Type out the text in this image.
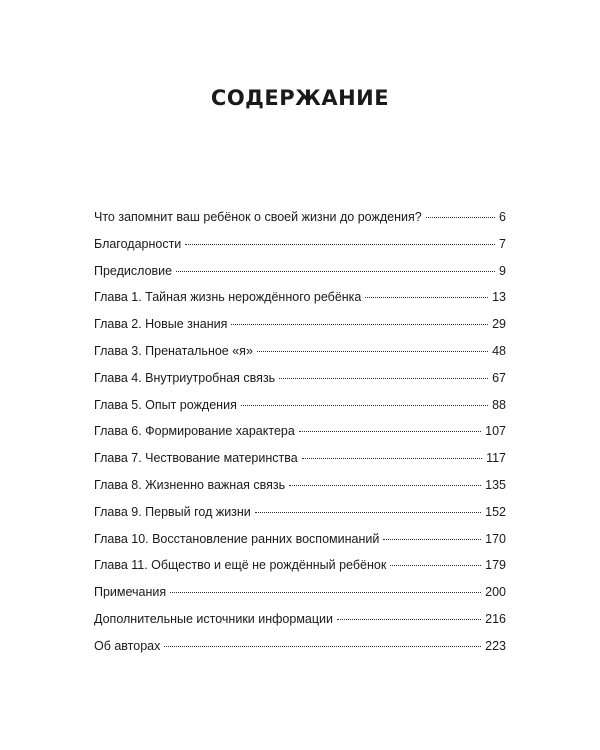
СОДЕРЖАНИЕ
Что запомнит ваш ребёнок о своей жизни до рождения?	6
Благодарности	7
Предисловие	9
Глава 1. Тайная жизнь нерождённого ребёнка	13
Глава 2. Новые знания	29
Глава 3. Пренатальное «я»	48
Глава 4. Внутриутробная связь	67
Глава 5. Опыт рождения	88
Глава 6. Формирование характера	107
Глава 7. Чествование материнства	117
Глава 8. Жизненно важная связь	135
Глава 9. Первый год жизни	152
Глава 10. Восстановление ранних воспоминаний	170
Глава 11. Общество и ещё не рождённый ребёнок	179
Примечания	200
Дополнительные источники информации	216
Об авторах	223
